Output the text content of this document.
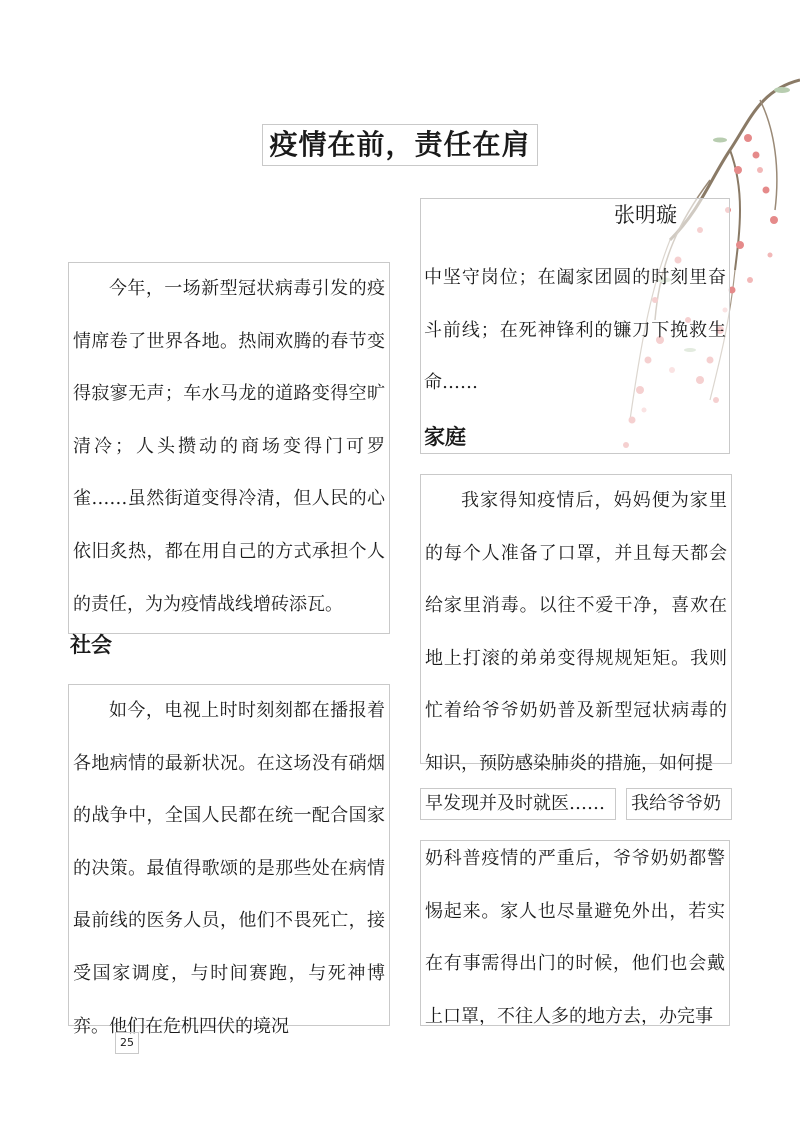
疫情在前，责任在肩
张明璇

今年，一场新型冠状病毒引发的疫情席卷了世界各地。热闹欢腾的春节变得寂寥无声；车水马龙的道路变得空旷清冷；人头攒动的商场变得门可罗雀……虽然街道变得冷清，但人民的心依旧炙热，都在用自己的方式承担个人的责任，为为疫情战线增砖添瓦。

社会

如今，电视上时时刻刻都在播报着各地病情的最新状况。在这场没有硝烟的战争中，全国人民都在统一配合国家的决策。最值得歌颂的是那些处在病情最前线的医务人员，他们不畏死亡，接受国家调度，与时间赛跑，与死神博弈。他们在危机四伏的境况

中坚守岗位；在阖家团圆的时刻里奋斗前线；在死神锋利的镰刀下挽救生命……

家庭

我家得知疫情后，妈妈便为家里的每个人准备了口罩，并且每天都会给家里消毒。以往不爱干净，喜欢在地上打滚的弟弟变得规规矩矩。我则忙着给爷爷奶奶普及新型冠状病毒的知识，预防感染肺炎的措施，如何提

早发现并及时就医……	我给爷爷奶

奶科普疫情的严重后，爷爷奶奶都警惕起来。家人也尽量避免外出，若实在有事需得出门的时候，他们也会戴上口罩，不往人多的地方去，办完事

25
